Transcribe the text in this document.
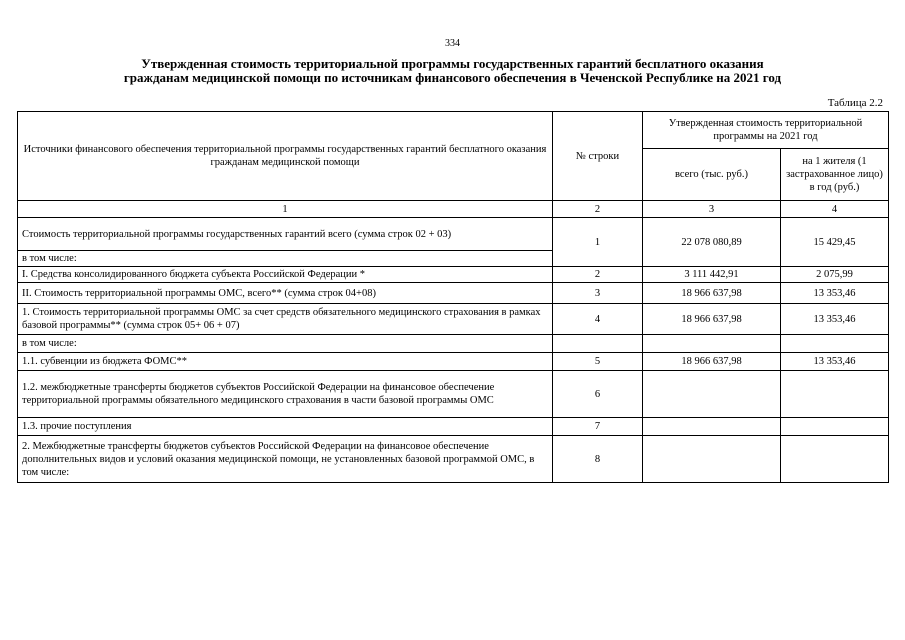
334
Утвержденная стоимость территориальной программы государственных гарантий бесплатного оказания
гражданам медицинской помощи по источникам финансового обеспечения в Чеченской Республике на 2021 год
Таблица 2.2
Источники финансового обеспечения территориальной программы государственных гарантий бесплатного оказания гражданам медицинской помощи	№ строки	Утвержденная стоимость территориальной программы на 2021 год	
		всего (тыс. руб.)	на 1 жителя (1 застрахованное лицо) в год (руб.)
1	2	3	4
Стоимость территориальной программы государственных гарантий всего (сумма строк 02 + 03)	1	22 078 080,89	15 429,45
в том числе:			
I. Средства консолидированного бюджета субъекта Российской Федерации *	2	3 111 442,91	2 075,99
II. Стоимость территориальной программы ОМС, всего** (сумма строк 04+08)	3	18 966 637,98	13 353,46
1. Стоимость территориальной программы ОМС за счет средств обязательного медицинского страхования в рамках базовой программы** (сумма строк 05+ 06 + 07)	4	18 966 637,98	13 353,46
в том числе:			
1.1. субвенции из бюджета ФОМС**	5	18 966 637,98	13 353,46
1.2. межбюджетные трансферты бюджетов субъектов Российской Федерации на финансовое обеспечение территориальной программы обязательного медицинского страхования в части базовой программы ОМС	6		
1.3. прочие поступления	7		
2. Межбюджетные трансферты бюджетов субъектов Российской Федерации на финансовое обеспечение дополнительных видов и условий оказания медицинской помощи, не установленных базовой программой ОМС, в том числе:	8		
